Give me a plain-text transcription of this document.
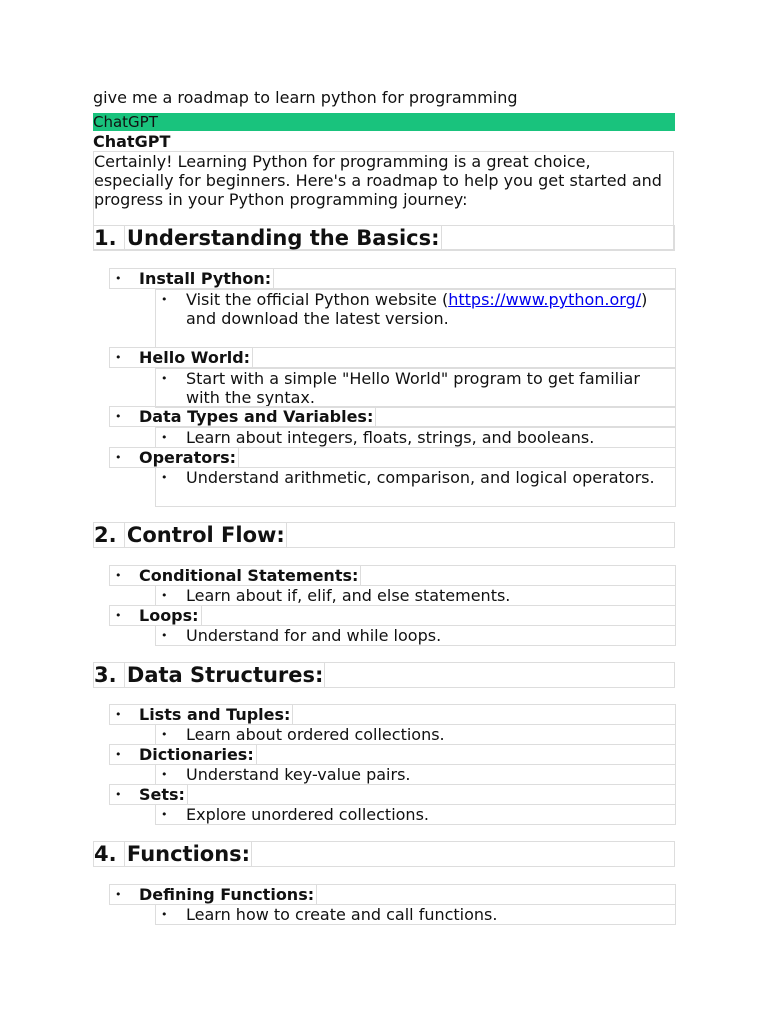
give me a roadmap to learn python for programming
ChatGPT
ChatGPT
Certainly! Learning Python for programming is a great choice, especially for beginners. Here's a roadmap to help you get started and progress in your Python programming journey:
1. Understanding the Basics:
• Install Python:
• Visit the official Python website (https://www.python.org/) and download the latest version.
• Hello World:
• Start with a simple "Hello World" program to get familiar with the syntax.
• Data Types and Variables:
• Learn about integers, floats, strings, and booleans.
• Operators:
• Understand arithmetic, comparison, and logical operators.
2. Control Flow:
• Conditional Statements:
• Learn about if, elif, and else statements.
• Loops:
• Understand for and while loops.
3. Data Structures:
• Lists and Tuples:
• Learn about ordered collections.
• Dictionaries:
• Understand key-value pairs.
• Sets:
• Explore unordered collections.
4. Functions:
• Defining Functions:
• Learn how to create and call functions.
